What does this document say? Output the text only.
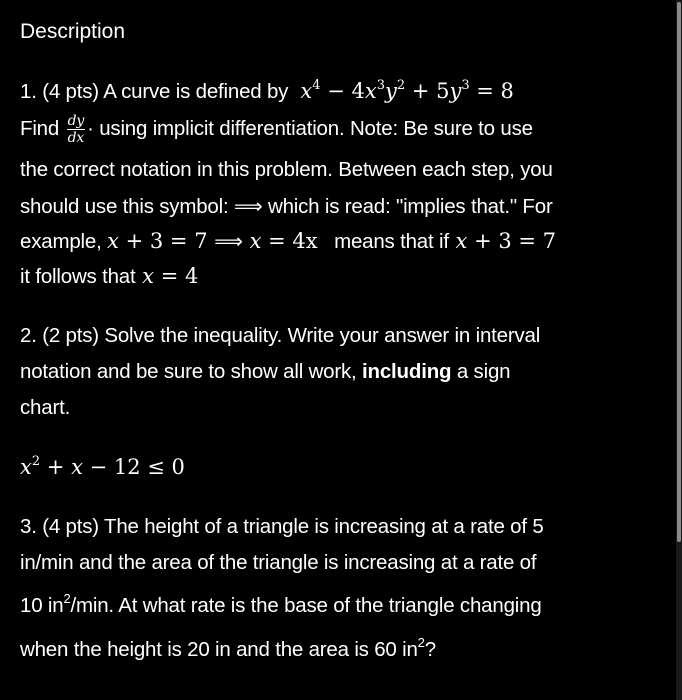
Description
1. (4 pts) A curve is defined by $x^4 - 4x^3y^2 + 5y^3 = 8$
Find $\frac{dy}{dx} \cdot using$ implicit differentiation. Note: Be sure to use
the correct notation in this problem. Between each step, you
should use this symbol: ⟹ which is read: "implies that." For
example, x + 3 = 7 ⟹ x = 4x   means that if x + 3 = 7
it follows that x = 4
2. (2 pts) Solve the inequality. Write your answer in interval
notation and be sure to show all work, including a sign
chart.
$x^2 + x - 12 \le 0$
3. (4 pts) The height of a triangle is increasing at a rate of 5
in/min and the area of the triangle is increasing at a rate of
10 $in^2/\min$. At what rate is the base of the triangle changing
when the height is 20 in and the area is 60 $in^2$?
